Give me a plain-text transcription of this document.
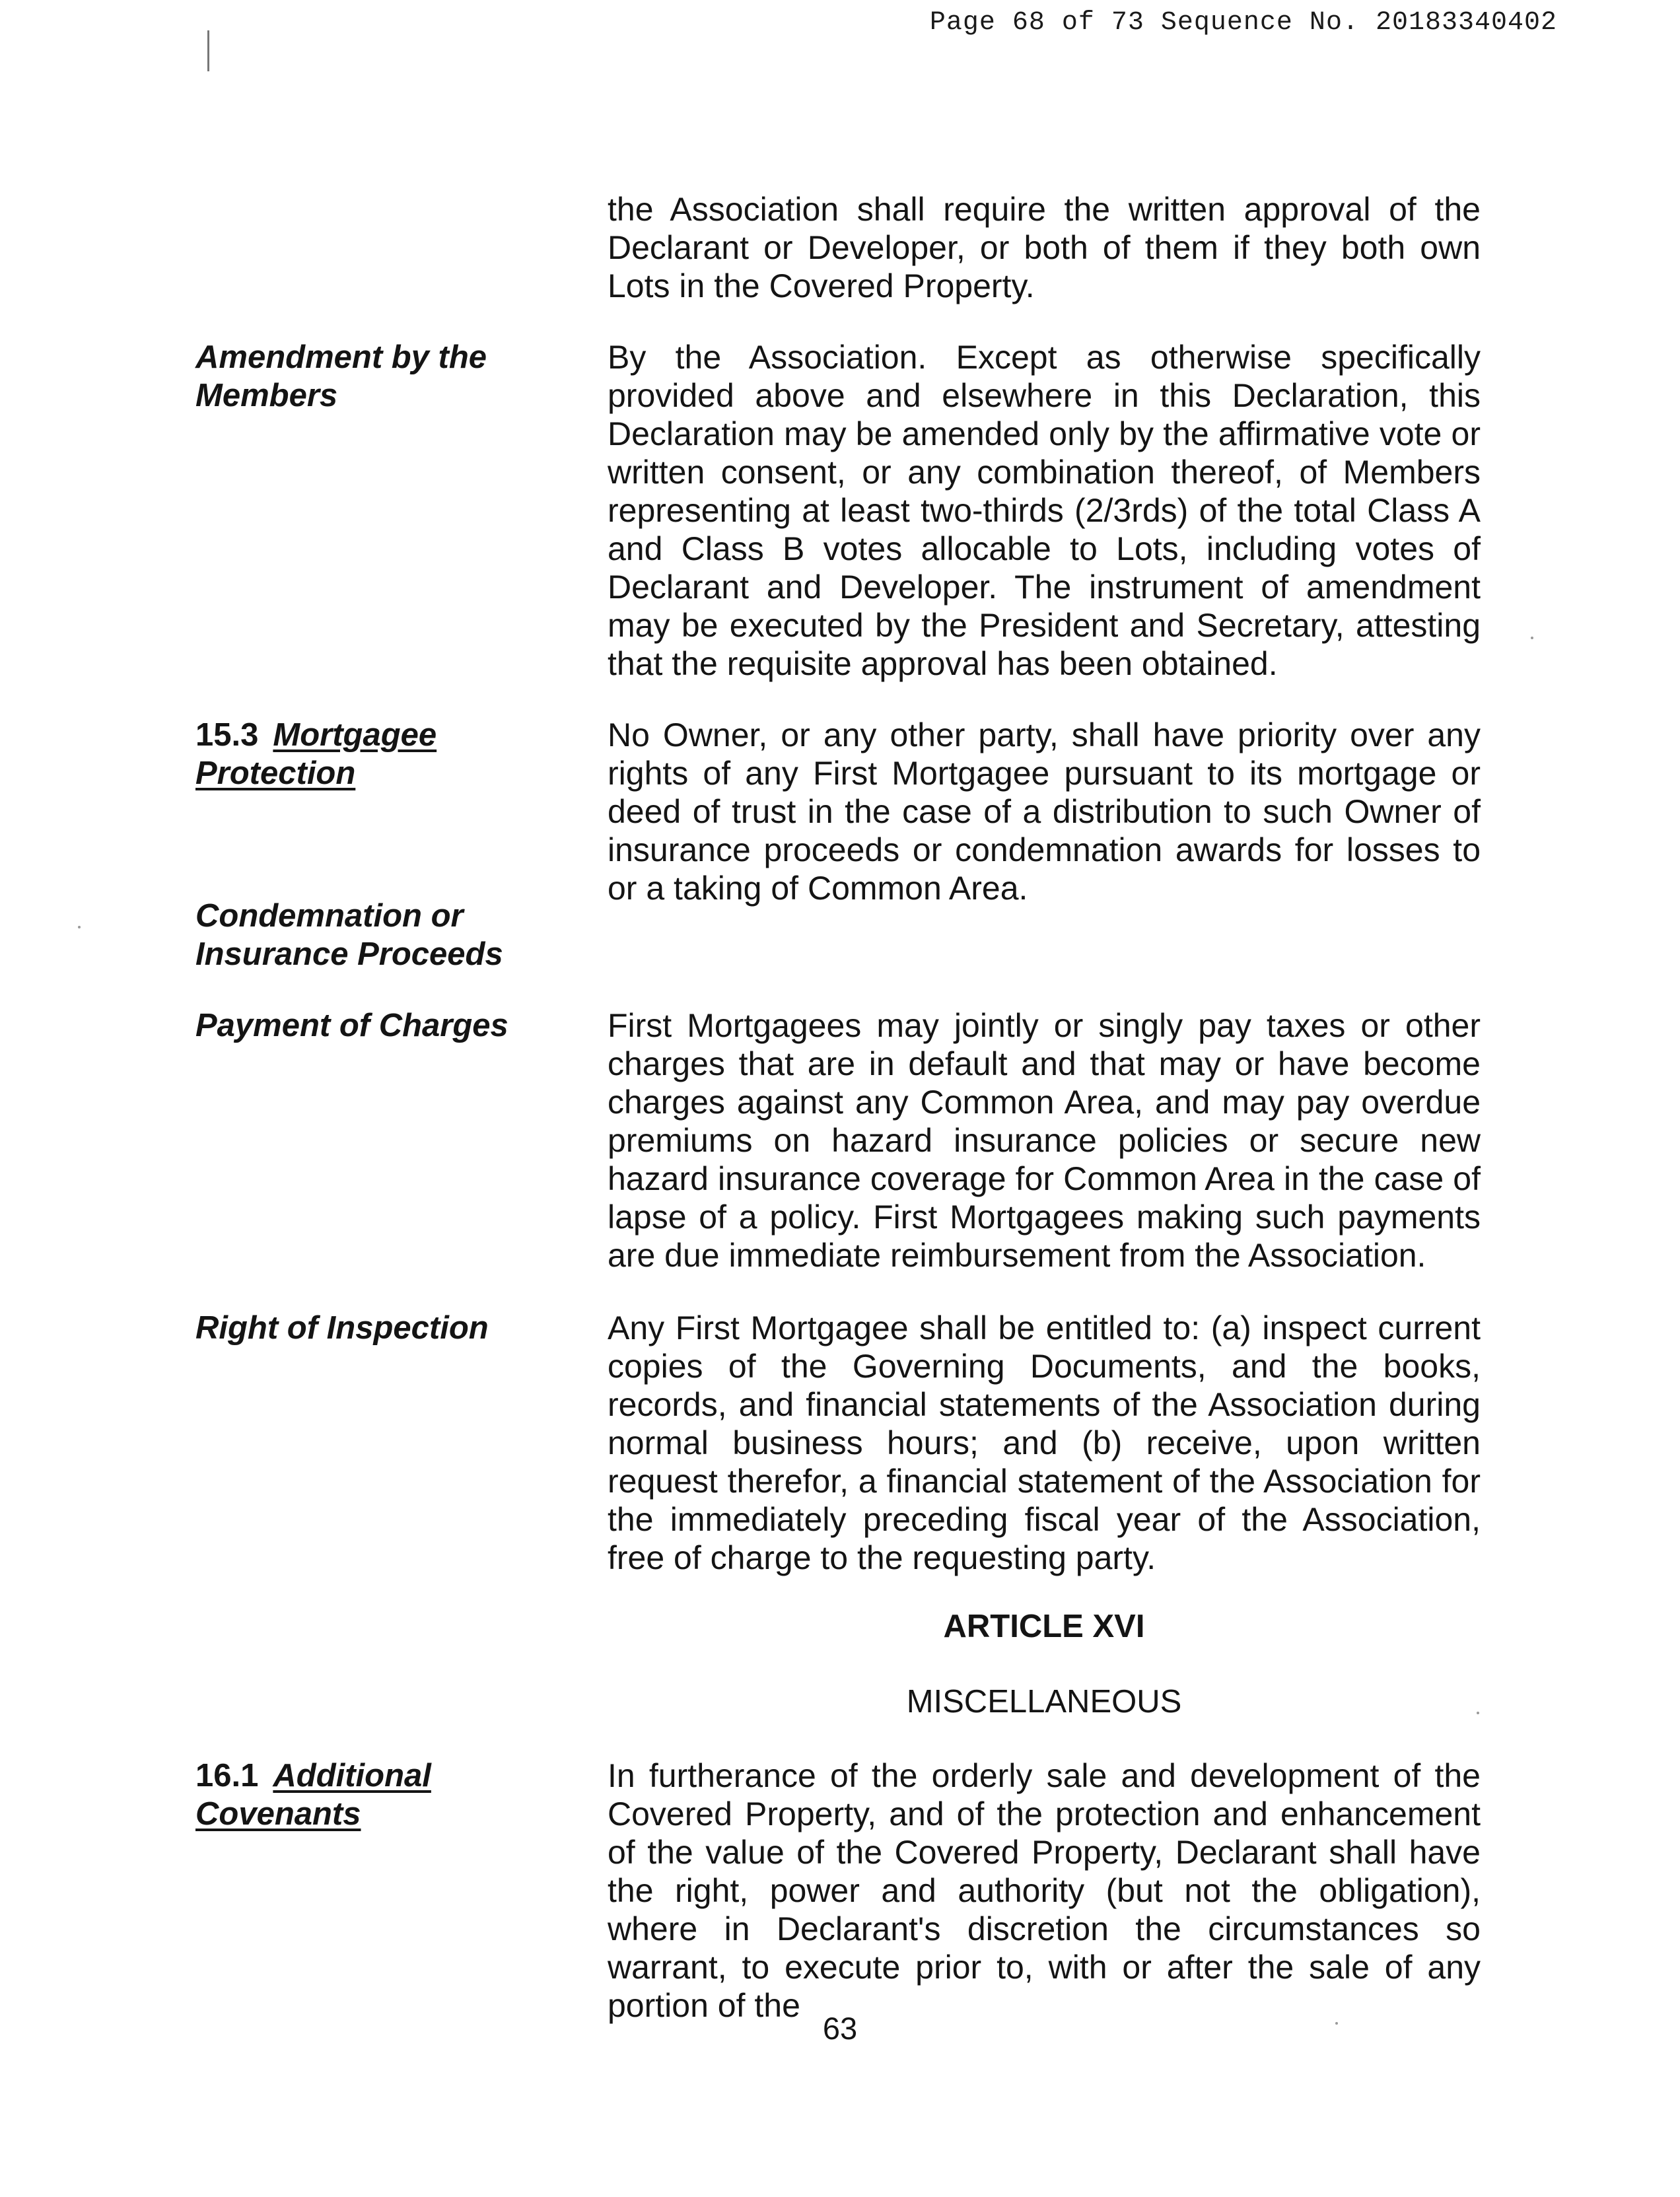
Page 68 of 73 Sequence No. 20183340402

the Association shall require the written approval of the Declarant or Developer, or both of them if they both own Lots in the Covered Property.

Amendment by the
Members

By the Association. Except as otherwise specifically provided above and elsewhere in this Declaration, this Declaration may be amended only by the affirmative vote or written consent, or any combination thereof, of Members representing at least two-thirds (2/3rds) of the total Class A and Class B votes allocable to Lots, including votes of Declarant and Developer. The instrument of amendment may be executed by the President and Secretary, attesting that the requisite approval has been obtained.

15.3 Mortgagee
Protection

No Owner, or any other party, shall have priority over any rights of any First Mortgagee pursuant to its mortgage or deed of trust in the case of a distribution to such Owner of insurance proceeds or condemnation awards for losses to or a taking of Common Area.

Condemnation or
Insurance Proceeds
Payment of Charges	First Mortgagees may jointly or singly pay taxes or other charges that are in default and that may or have become charges against any Common Area, and may pay overdue premiums on hazard insurance policies or secure new hazard insurance coverage for Common Area in the case of lapse of a policy. First Mortgagees making such payments are due immediate reimbursement from the Association.

Right of Inspection	Any First Mortgagee shall be entitled to: (a) inspect current copies of the Governing Documents, and the books, records, and financial statements of the Association during normal business hours; and (b) receive, upon written request therefor, a financial statement of the Association for the immediately preceding fiscal year of the Association, free of charge to the requesting party.

ARTICLE XVI
MISCELLANEOUS
16.1 Additional
Covenants

In furtherance of the orderly sale and development of the Covered Property, and of the protection and enhancement of the value of the Covered Property, Declarant shall have the right, power and authority (but not the obligation), where in Declarant's discretion the circumstances so warrant, to execute prior to, with or after the sale of any portion of the

63
